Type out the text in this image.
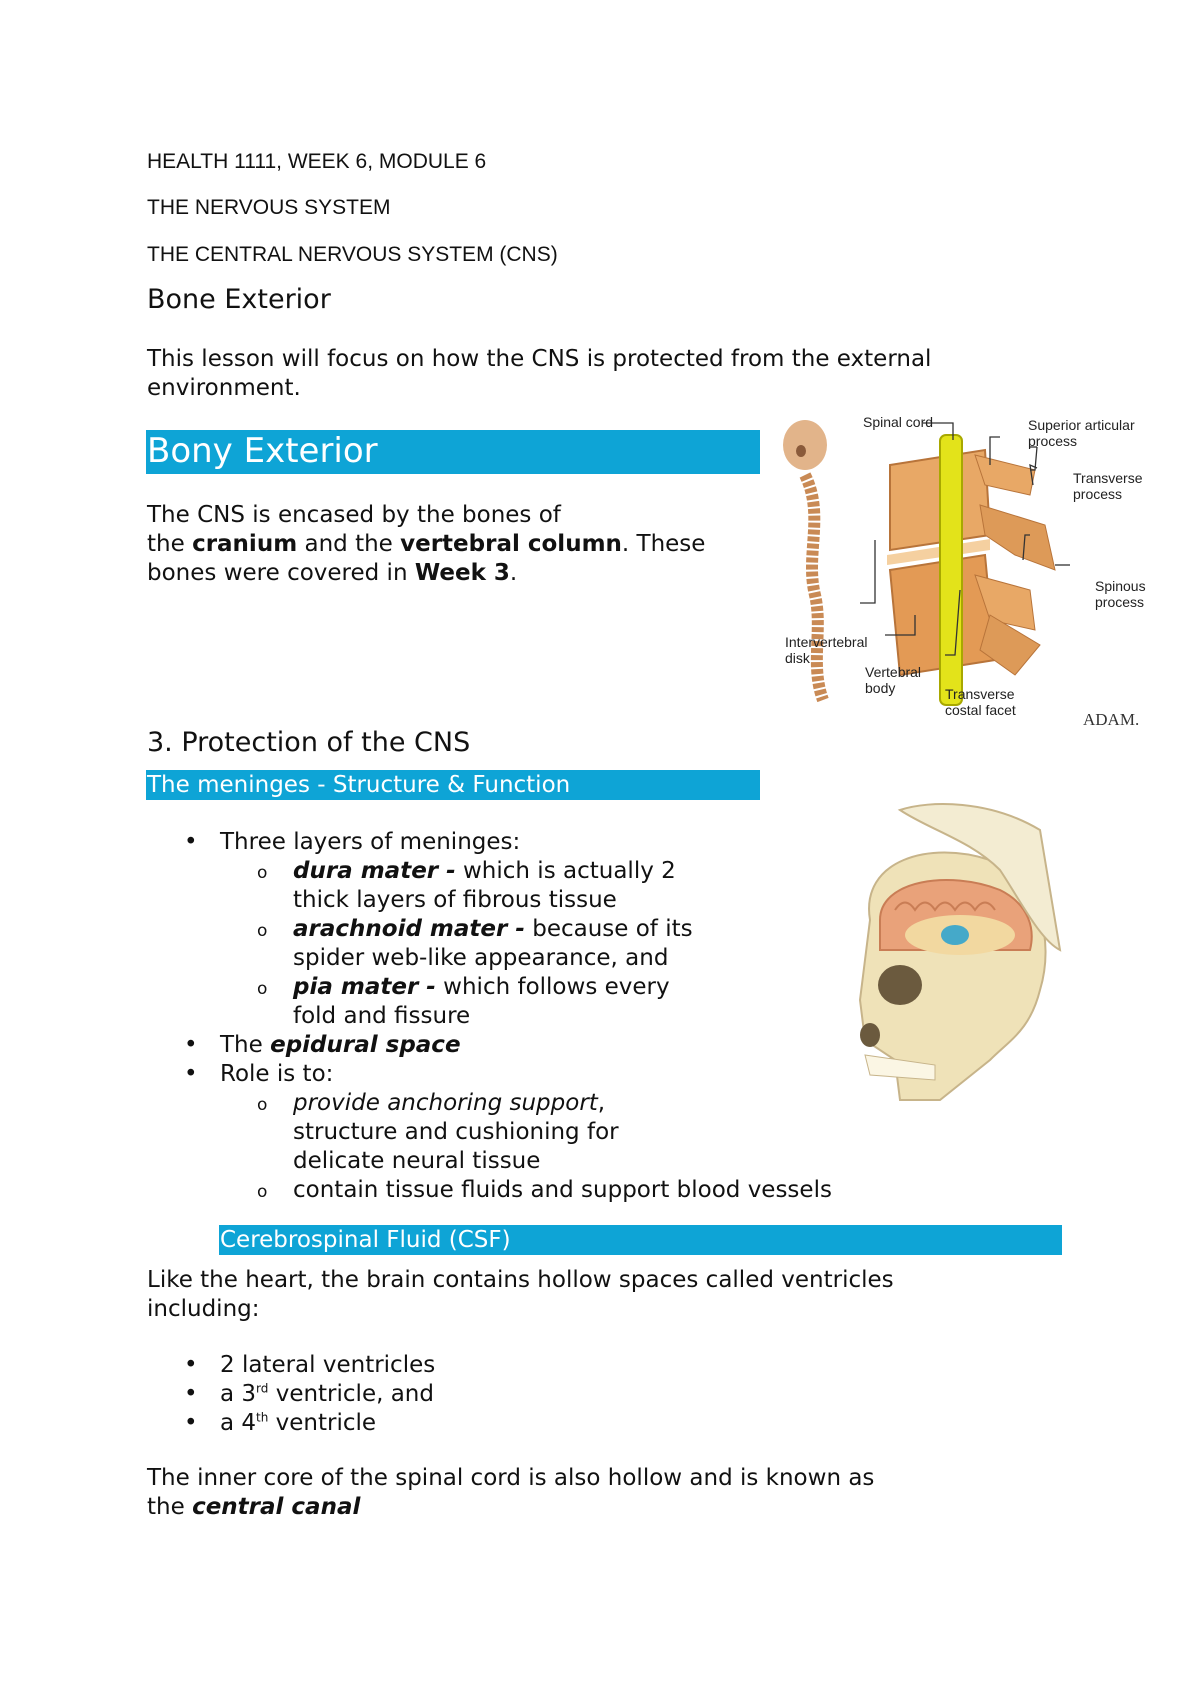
HEALTH 1111, WEEK 6, MODULE 6
THE NERVOUS SYSTEM
THE CENTRAL NERVOUS SYSTEM (CNS)
Bone Exterior
This lesson will focus on how the CNS is protected from the external environment.
Bony Exterior
The CNS is encased by the bones of
the cranium and the vertebral column. These
bones were covered in Week 3.
Spinal cord	Superior articular
process
Transverse
process
Spinous
process
Intervertebral
disk
Vertebral
body	Transverse
costal facet	ADAM.
3. Protection of the CNS
The meninges - Structure & Function
• Three layers of meninges:
o dura mater - which is actually 2
thick layers of fibrous tissue
o arachnoid mater - because of its
spider web-like appearance, and
o pia mater - which follows every
fold and fissure
• The epidural space
• Role is to:
o provide anchoring support,
structure and cushioning for
delicate neural tissue
o contain tissue fluids and support blood vessels
Cerebrospinal Fluid (CSF)
Like the heart, the brain contains hollow spaces called ventricles
including:
• 2 lateral ventricles
• a 3rd ventricle, and
• a 4th ventricle
The inner core of the spinal cord is also hollow and is known as
the central canal
